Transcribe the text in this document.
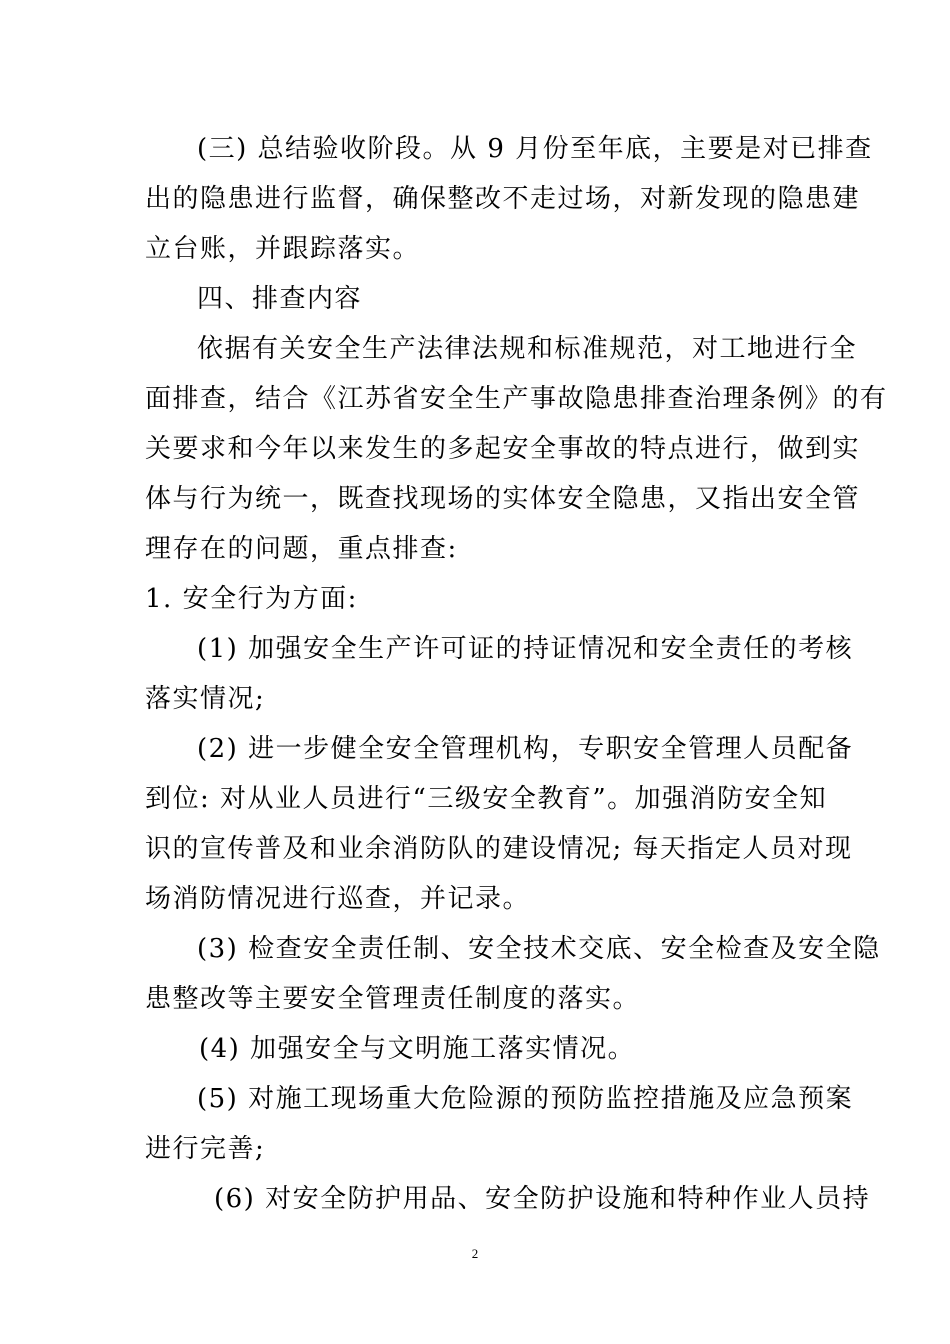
(三) 总结验收阶段。从 9 月份至年底，主要是对已排查
出的隐患进行监督，确保整改不走过场，对新发现的隐患建
立台账，并跟踪落实。
四、排查内容
依据有关安全生产法律法规和标准规范，对工地进行全
面排查，结合《江苏省安全生产事故隐患排查治理条例》的有
关要求和今年以来发生的多起安全事故的特点进行，做到实
体与行为统一，既查找现场的实体安全隐患，又指出安全管
理存在的问题，重点排查:
1. 安全行为方面:
(1) 加强安全生产许可证的持证情况和安全责任的考核
落实情况;
(2) 进一步健全安全管理机构，专职安全管理人员配备
到位: 对从业人员进行“三级安全教育”。加强消防安全知
识的宣传普及和业余消防队的建设情况; 每天指定人员对现
场消防情况进行巡查，并记录。
(3) 检查安全责任制、安全技术交底、安全检查及安全隐
患整改等主要安全管理责任制度的落实。
(4) 加强安全与文明施工落实情况。
(5) 对施工现场重大危险源的预防监控措施及应急预案
进行完善;
(6) 对安全防护用品、安全防护设施和特种作业人员持
2
